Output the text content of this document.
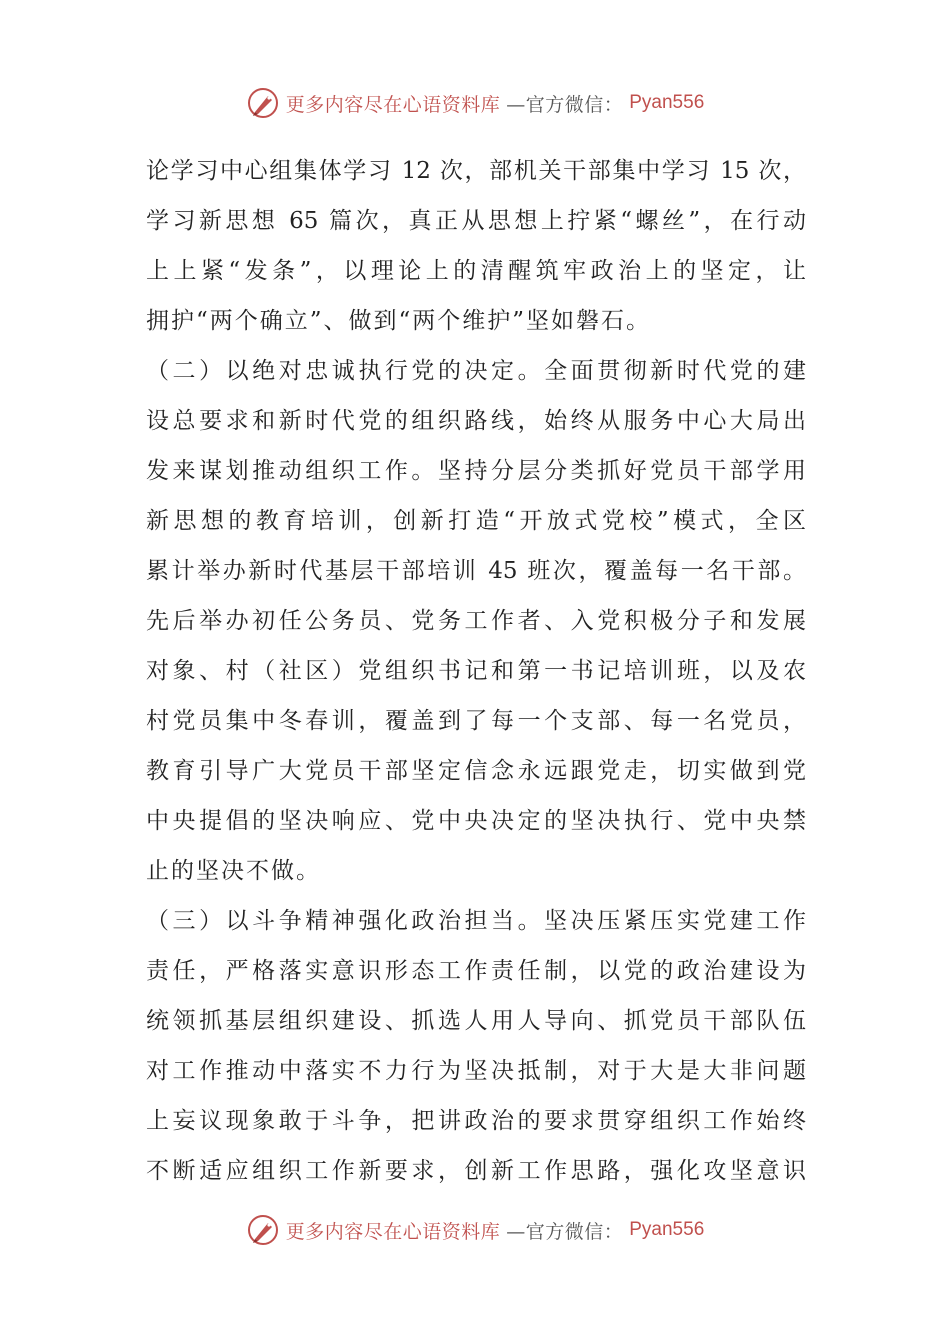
更多内容尽在心语资料库 —官方微信： Pyan556
论学习中心组集体学习 12 次，部机关干部集中学习 15 次，
学习新思想 65 篇次，真正从思想上拧紧“螺丝”，在行动
上上紧“发条”，以理论上的清醒筑牢政治上的坚定，让
拥护“两个确立”、做到“两个维护”坚如磐石。
（二）以绝对忠诚执行党的决定。全面贯彻新时代党的建
设总要求和新时代党的组织路线，始终从服务中心大局出
发来谋划推动组织工作。坚持分层分类抓好党员干部学用
新思想的教育培训，创新打造“开放式党校”模式，全区
累计举办新时代基层干部培训 45 班次，覆盖每一名干部。
先后举办初任公务员、党务工作者、入党积极分子和发展
对象、村（社区）党组织书记和第一书记培训班，以及农
村党员集中冬春训，覆盖到了每一个支部、每一名党员，
教育引导广大党员干部坚定信念永远跟党走，切实做到党
中央提倡的坚决响应、党中央决定的坚决执行、党中央禁
止的坚决不做。
（三）以斗争精神强化政治担当。坚决压紧压实党建工作
责任，严格落实意识形态工作责任制，以党的政治建设为
统领抓基层组织建设、抓选人用人导向、抓党员干部队伍
对工作推动中落实不力行为坚决抵制，对于大是大非问题
上妄议现象敢于斗争，把讲政治的要求贯穿组织工作始终
不断适应组织工作新要求，创新工作思路，强化攻坚意识
更多内容尽在心语资料库 —官方微信： Pyan556
